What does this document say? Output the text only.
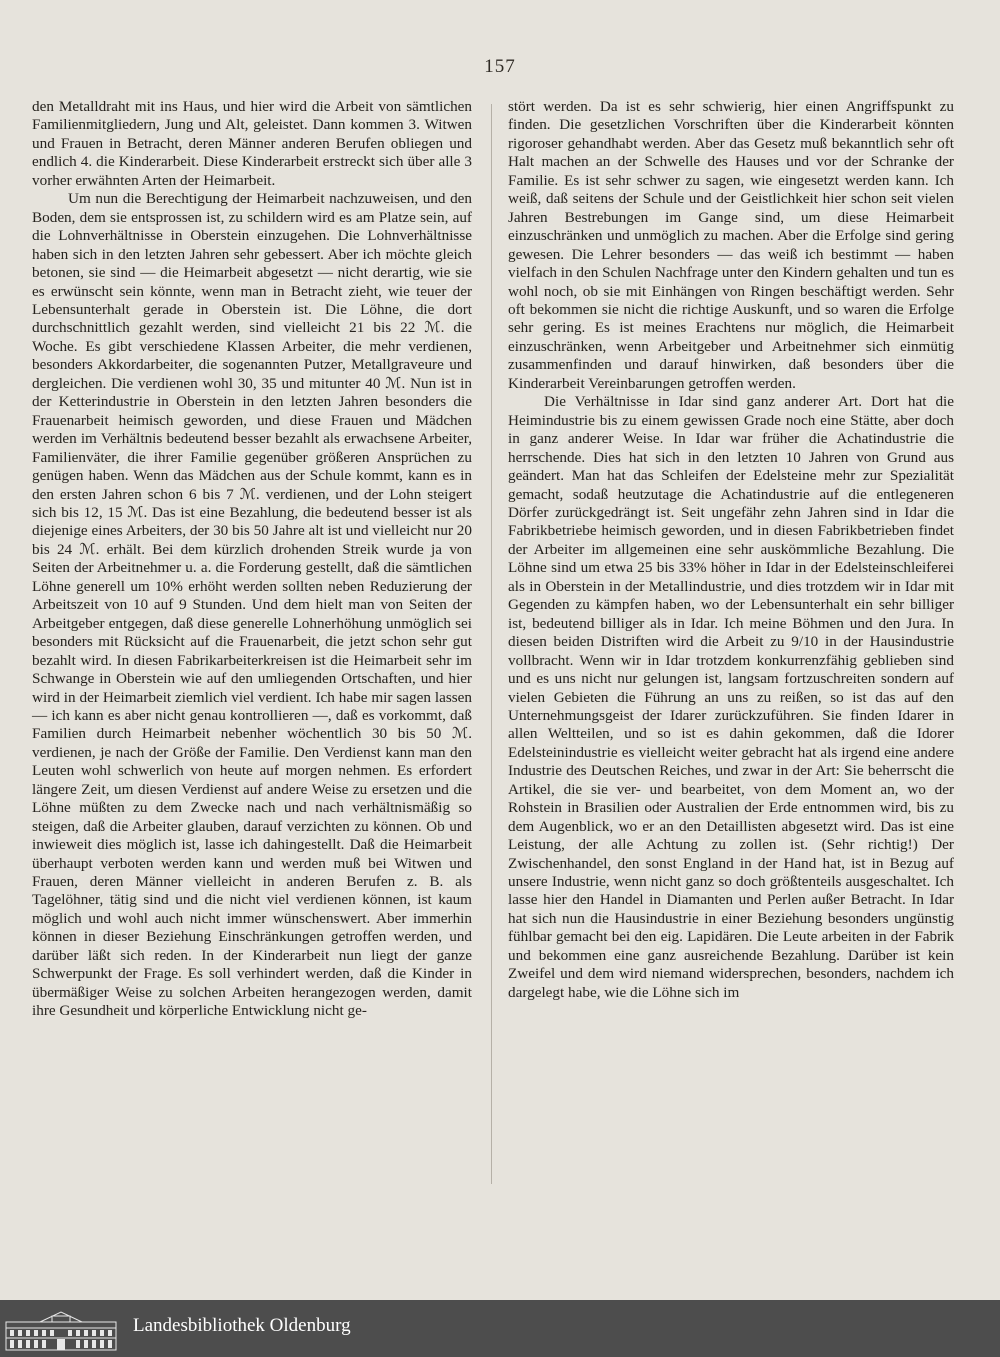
157

den Metalldraht mit ins Haus, und hier wird die Arbeit von sämtlichen Familienmitgliedern, Jung und Alt, geleistet. Dann kommen 3. Witwen und Frauen in Betracht, deren Männer anderen Berufen obliegen und endlich 4. die Kinderarbeit. Diese Kinderarbeit erstreckt sich über alle 3 vorher erwähnten Arten der Heimarbeit.

Um nun die Berechtigung der Heimarbeit nachzuweisen, und den Boden, dem sie entsprossen ist, zu schildern wird es am Platze sein, auf die Lohnverhältnisse in Oberstein einzugehen. Die Lohnverhältnisse haben sich in den letzten Jahren sehr gebessert. Aber ich möchte gleich betonen, sie sind — die Heimarbeit abgesetzt — nicht derartig, wie sie es erwünscht sein könnte, wenn man in Betracht zieht, wie teuer der Lebensunterhalt gerade in Oberstein ist. Die Löhne, die dort durchschnittlich gezahlt werden, sind vielleicht 21 bis 22 ℳ. die Woche. Es gibt verschiedene Klassen Arbeiter, die mehr verdienen, besonders Akkordarbeiter, die sogenannten Putzer, Metallgraveure und dergleichen. Die verdienen wohl 30, 35 und mitunter 40 ℳ. Nun ist in der Ketterindustrie in Oberstein in den letzten Jahren besonders die Frauenarbeit heimisch geworden, und diese Frauen und Mädchen werden im Verhältnis bedeutend besser bezahlt als erwachsene Arbeiter, Familienväter, die ihrer Familie gegenüber größeren Ansprüchen zu genügen haben. Wenn das Mädchen aus der Schule kommt, kann es in den ersten Jahren schon 6 bis 7 ℳ. verdienen, und der Lohn steigert sich bis 12, 15 ℳ. Das ist eine Bezahlung, die bedeutend besser ist als diejenige eines Arbeiters, der 30 bis 50 Jahre alt ist und vielleicht nur 20 bis 24 ℳ. erhält. Bei dem kürzlich drohenden Streik wurde ja von Seiten der Arbeitnehmer u. a. die Forderung gestellt, daß die sämtlichen Löhne generell um 10% erhöht werden sollten neben Reduzierung der Arbeitszeit von 10 auf 9 Stunden. Und dem hielt man von Seiten der Arbeitgeber entgegen, daß diese generelle Lohnerhöhung unmöglich sei besonders mit Rücksicht auf die Frauenarbeit, die jetzt schon sehr gut bezahlt wird. In diesen Fabrikarbeiterkreisen ist die Heimarbeit sehr im Schwange in Oberstein wie auf den umliegenden Ortschaften, und hier wird in der Heimarbeit ziemlich viel verdient. Ich habe mir sagen lassen — ich kann es aber nicht genau kontrollieren —, daß es vorkommt, daß Familien durch Heimarbeit nebenher wöchentlich 30 bis 50 ℳ. verdienen, je nach der Größe der Familie. Den Verdienst kann man den Leuten wohl schwerlich von heute auf morgen nehmen. Es erfordert längere Zeit, um diesen Verdienst auf andere Weise zu ersetzen und die Löhne müßten zu dem Zwecke nach und nach verhältnismäßig so steigen, daß die Arbeiter glauben, darauf verzichten zu können. Ob und inwieweit dies möglich ist, lasse ich dahingestellt. Daß die Heimarbeit überhaupt verboten werden kann und werden muß bei Witwen und Frauen, deren Männer vielleicht in anderen Berufen z. B. als Tagelöhner, tätig sind und die nicht viel verdienen können, ist kaum möglich und wohl auch nicht immer wünschenswert. Aber immerhin können in dieser Beziehung Einschränkungen getroffen werden, und darüber läßt sich reden. In der Kinderarbeit nun liegt der ganze Schwerpunkt der Frage. Es soll verhindert werden, daß die Kinder in übermäßiger Weise zu solchen Arbeiten herangezogen werden, damit ihre Gesundheit und körperliche Entwicklung nicht ge-

stört werden. Da ist es sehr schwierig, hier einen Angriffspunkt zu finden. Die gesetzlichen Vorschriften über die Kinderarbeit könnten rigoroser gehandhabt werden. Aber das Gesetz muß bekanntlich sehr oft Halt machen an der Schwelle des Hauses und vor der Schranke der Familie. Es ist sehr schwer zu sagen, wie eingesetzt werden kann. Ich weiß, daß seitens der Schule und der Geistlichkeit hier schon seit vielen Jahren Bestrebungen im Gange sind, um diese Heimarbeit einzuschränken und unmöglich zu machen. Aber die Erfolge sind gering gewesen. Die Lehrer besonders — das weiß ich bestimmt — haben vielfach in den Schulen Nachfrage unter den Kindern gehalten und tun es wohl noch, ob sie mit Einhängen von Ringen beschäftigt werden. Sehr oft bekommen sie nicht die richtige Auskunft, und so waren die Erfolge sehr gering. Es ist meines Erachtens nur möglich, die Heimarbeit einzuschränken, wenn Arbeitgeber und Arbeitnehmer sich einmütig zusammenfinden und darauf hinwirken, daß besonders über die Kinderarbeit Vereinbarungen getroffen werden.

Die Verhältnisse in Idar sind ganz anderer Art. Dort hat die Heimindustrie bis zu einem gewissen Grade noch eine Stätte, aber doch in ganz anderer Weise. In Idar war früher die Achatindustrie die herrschende. Dies hat sich in den letzten 10 Jahren von Grund aus geändert. Man hat das Schleifen der Edelsteine mehr zur Spezialität gemacht, sodaß heutzutage die Achatindustrie auf die entlegeneren Dörfer zurückgedrängt ist. Seit ungefähr zehn Jahren sind in Idar die Fabrikbetriebe heimisch geworden, und in diesen Fabrikbetrieben findet der Arbeiter im allgemeinen eine sehr auskömmliche Bezahlung. Die Löhne sind um etwa 25 bis 33% höher in Idar in der Edelsteinschleiferei als in Oberstein in der Metallindustrie, und dies trotzdem wir in Idar mit Gegenden zu kämpfen haben, wo der Lebensunterhalt ein sehr billiger ist, bedeutend billiger als in Idar. Ich meine Böhmen und den Jura. In diesen beiden Distriften wird die Arbeit zu 9/10 in der Hausindustrie vollbracht. Wenn wir in Idar trotzdem konkurrenzfähig geblieben sind und es uns nicht nur gelungen ist, langsam fortzuschreiten sondern auf vielen Gebieten die Führung an uns zu reißen, so ist das auf den Unternehmungsgeist der Idarer zurückzuführen. Sie finden Idarer in allen Weltteilen, und so ist es dahin gekommen, daß die Idorer Edelsteinindustrie es vielleicht weiter gebracht hat als irgend eine andere Industrie des Deutschen Reiches, und zwar in der Art: Sie beherrscht die Artikel, die sie ver- und bearbeitet, von dem Moment an, wo der Rohstein in Brasilien oder Australien der Erde entnommen wird, bis zu dem Augenblick, wo er an den Detaillisten abgesetzt wird. Das ist eine Leistung, der alle Achtung zu zollen ist. (Sehr richtig!) Der Zwischenhandel, den sonst England in der Hand hat, ist in Bezug auf unsere Industrie, wenn nicht ganz so doch größtenteils ausgeschaltet. Ich lasse hier den Handel in Diamanten und Perlen außer Betracht. In Idar hat sich nun die Hausindustrie in einer Beziehung besonders ungünstig fühlbar gemacht bei den eig. Lapidären. Die Leute arbeiten in der Fabrik und bekommen eine ganz ausreichende Bezahlung. Darüber ist kein Zweifel und dem wird niemand widersprechen, besonders, nachdem ich dargelegt habe, wie die Löhne sich im

Landesbibliothek Oldenburg
